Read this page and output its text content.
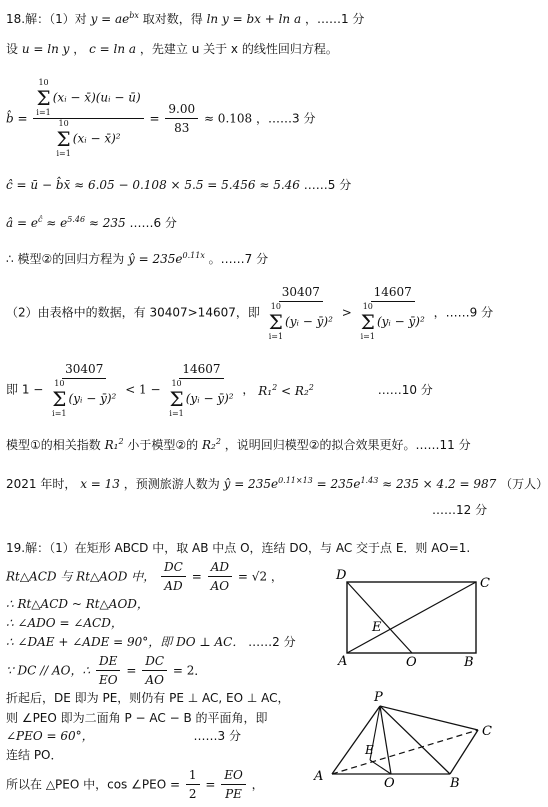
18.解：（1）对 $y = ae^{bx}$ 取对数，得 ln y = bx + ln a ，……1 分
设 u = ln y ， c = ln a ，先建立 u 关于 x 的线性回归方程。
b̂ = 10
Σ
i=1
(xᵢ − x̄)(uᵢ − ū)
10
Σ
i=1
(xᵢ − x̄)² = $\frac{9.00}{83} \approx 0.108$ ，……3 分
ĉ = ū − b̂x̄ ≈ 6.05 − 0.108 × 5.5 = 5.456 ≈ 5.46 ……5 分
â = $e^ĉ \approx e^{5.46} \approx 235$ ……6 分
∴ 模型②的回归方程为 ŷ = $235e^{0.11x}$ 。……7 分
（2）由表格中的数据，有 30407>14607，即 30407
10
Σ
i=1
(yᵢ − ȳ)² > 14607
10
Σ
i=1
(yᵢ − ȳ)² ，……9 分
即 1 − 30407
10
Σ
i=1
(yᵢ − ȳ)² < 1 − 14607
10
Σ
i=1
(yᵢ − ȳ)² ， R₁$^2$ < R₂$^2$	……10 分
模型①的相关指数 R₁$^2$ 小于模型②的 R₂$^2$ ，说明回归模型②的拟合效果更好。……11 分
2021 年时， x = 13 ，预测旅游人数为 ŷ = $235e^{0.11\times 13} = 235e^{1.43} \approx 235 \times 4.2 = 987$ （万人）
……12 分
19.解：（1）在矩形 ABCD 中，取 AB 中点 O，连结 DO，与 AC 交于点 E．则 AO=1.
Rt△ACD 与 Rt△AOD 中， $\frac{DC}{AD} = \frac{AD}{AO} = √2$ ，
∴ Rt△ACD ~ Rt△AOD，
∴ ∠ADO = ∠ACD，
∴ ∠DAE + ∠ADE = 90°，即 DO ⊥ AC． ……2 分
∵ DC // AO，∴ $\frac{DE}{EO} = \frac{DC}{AO} = 2$．
折起后，DE 即为 PE，则仍有 PE ⊥ AC, EO ⊥ AC，
则 ∠PEO 即为二面角 P − AC − B 的平面角，即
∠PEO = 60°，	……3 分
连结 PO．
所以在 △PEO 中，cos ∠PEO = $\frac{1}{2} = \frac{EO}{PE}$ ，
D
C
E
A	O	B
P
C
E
A	O	B
